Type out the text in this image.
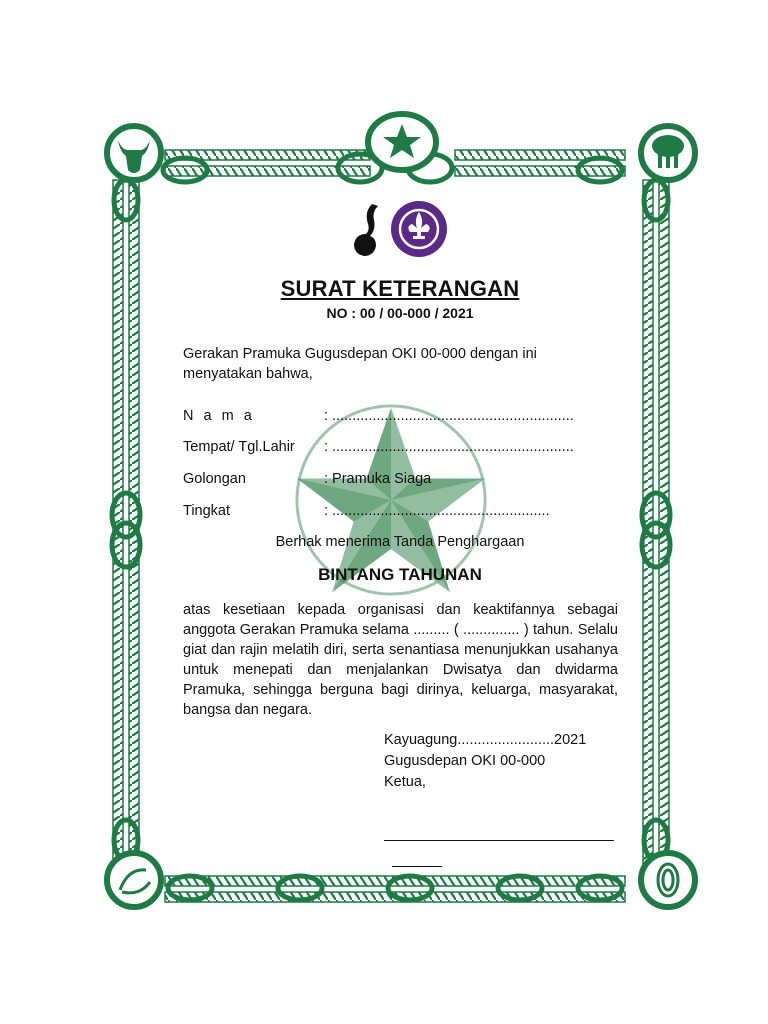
SURAT KETERANGAN
NO : 00 / 00-000 / 2021
Gerakan Pramuka Gugusdepan OKI 00-000 dengan ini menyatakan bahwa,
N a m a	: ............................................................
Tempat/ Tgl.Lahir : ............................................................
Golongan	: Pramuka Siaga
Tingkat	: ......................................................
Berhak menerima Tanda Penghargaan
BINTANG TAHUNAN
atas kesetiaan kepada organisasi dan keaktifannya sebagai anggota Gerakan Pramuka selama ......... ( .............. ) tahun. Selalu giat dan rajin melatih diri, serta senantiasa menunjukkan usahanya untuk menepati dan menjalankan Dwisatya dan dwidarma Pramuka, sehingga berguna bagi dirinya, keluarga, masyarakat, bangsa dan negara.
Kayuagung........................2021
Gugusdepan OKI 00-000
Ketua,
